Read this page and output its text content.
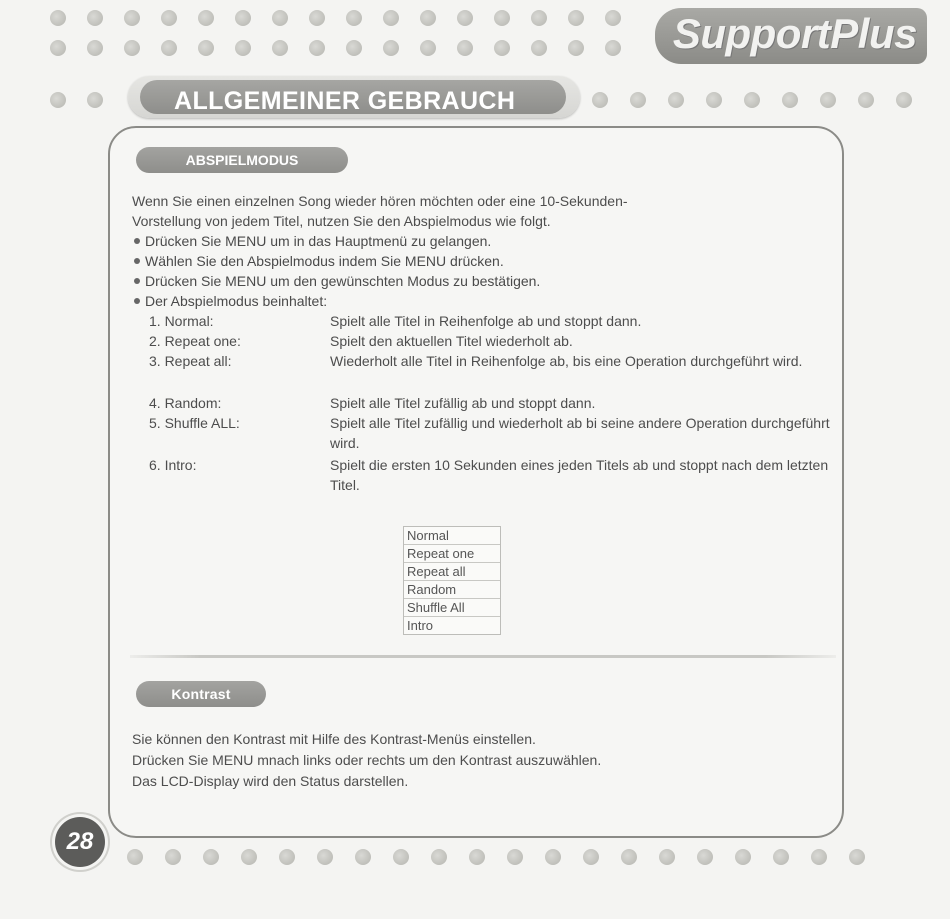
SupportPlus
ALLGEMEINER GEBRAUCH
ABSPIELMODUS

Wenn Sie einen einzelnen Song wieder hören möchten oder eine 10-Sekunden-

Vorstellung von jedem Titel, nutzen Sie den Abspielmodus wie folgt.

Drücken Sie MENU um in das Hauptmenü zu gelangen.
Wählen Sie den Abspielmodus indem Sie MENU drücken.
Drücken Sie MENU um den gewünschten Modus zu bestätigen.
Der Abspielmodus beinhaltet:
1. Normal:	Spielt alle Titel in Reihenfolge ab und stoppt dann.
2. Repeat one:	Spielt den aktuellen Titel wiederholt ab.
3. Repeat all:	Wiederholt alle Titel in Reihenfolge ab, bis eine Operation durchgeführt wird.
4. Random:	Spielt alle Titel zufällig ab und stoppt dann.
5. Shuffle ALL:	Spielt alle Titel zufällig und wiederholt ab bi seine andere Operation durchgeführt wird.
6. Intro:	Spielt die ersten 10 Sekunden eines jeden Titels ab und stoppt nach dem letzten Titel.
Normal
Repeat one
Repeat all
Random
Shuffle All
Intro
Kontrast

Sie können den Kontrast mit Hilfe des Kontrast-Menüs einstellen.

Drücken Sie MENU mnach links oder rechts um den Kontrast auszuwählen.

Das LCD-Display wird den Status darstellen.

28
